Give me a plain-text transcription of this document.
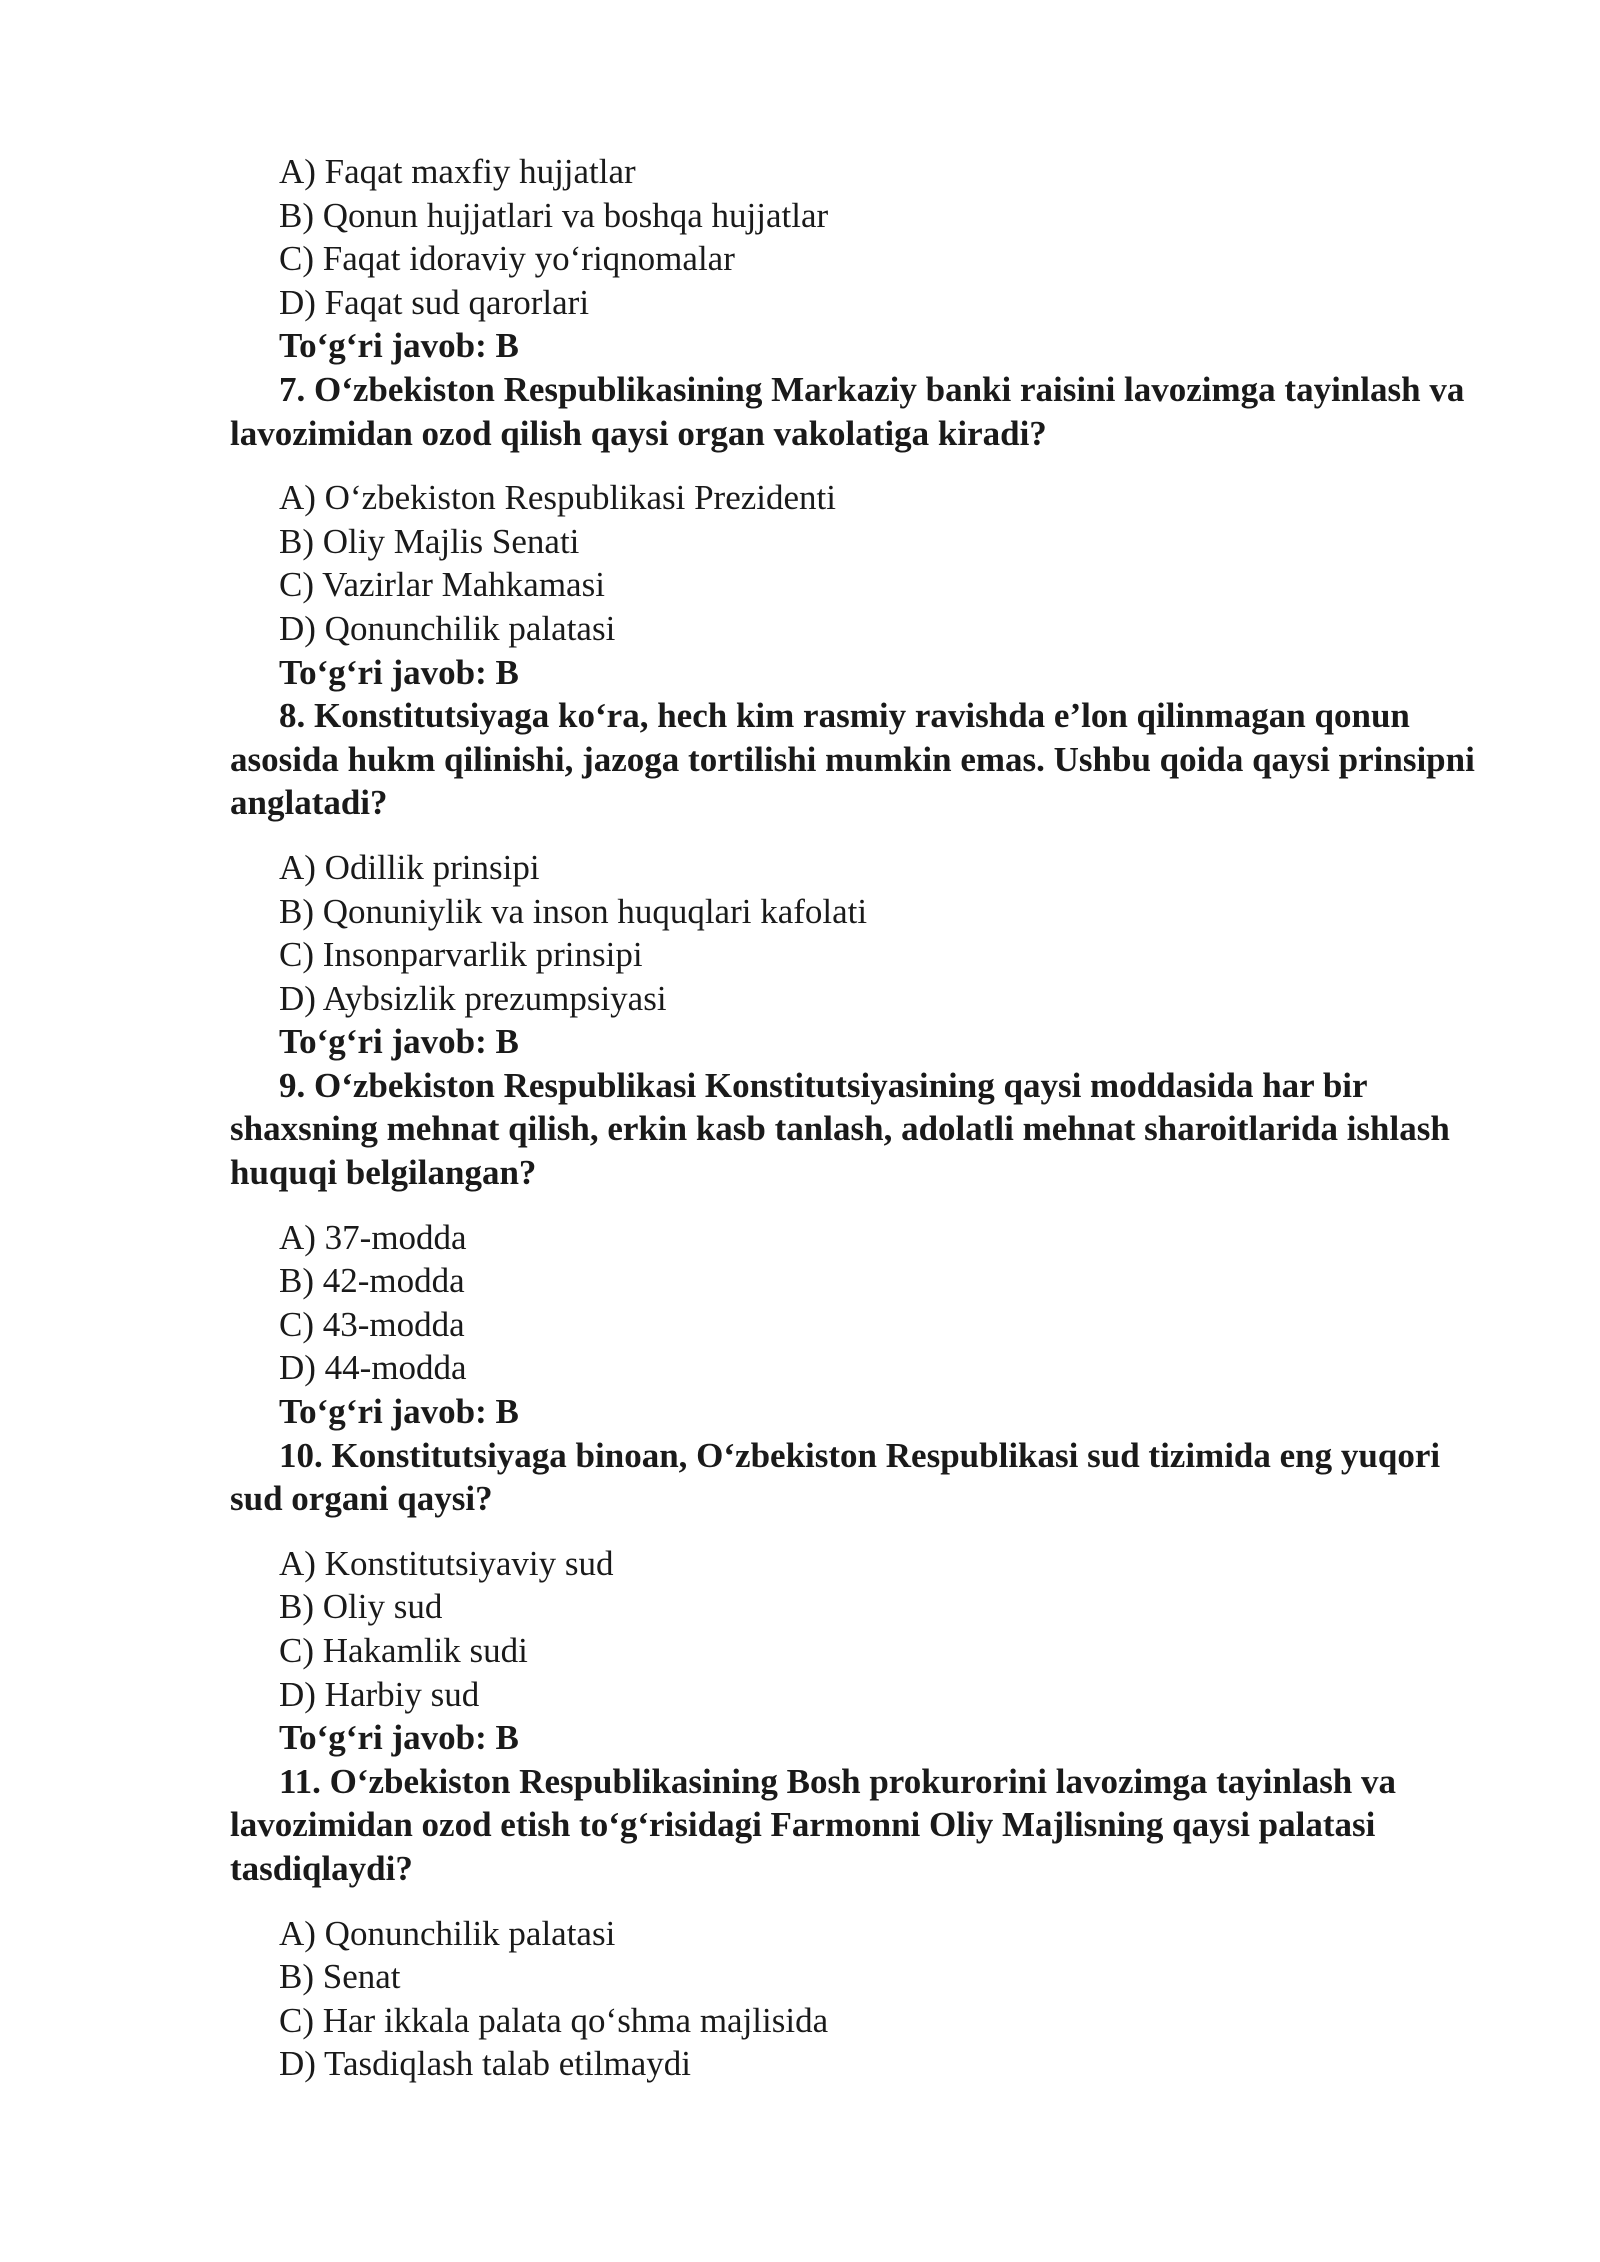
A) Faqat maxfiy hujjatlar
B) Qonun hujjatlari va boshqa hujjatlar
C) Faqat idoraviy yo‘riqnomalar
D) Faqat sud qarorlari
To‘g‘ri javob: B
7. O‘zbekiston Respublikasining Markaziy banki raisini lavozimga tayinlash va lavozimidan ozod qilish qaysi organ vakolatiga kiradi?
A) O‘zbekiston Respublikasi Prezidenti
B) Oliy Majlis Senati
C) Vazirlar Mahkamasi
D) Qonunchilik palatasi
To‘g‘ri javob: B
8. Konstitutsiyaga ko‘ra, hech kim rasmiy ravishda e’lon qilinmagan qonun asosida hukm qilinishi, jazoga tortilishi mumkin emas. Ushbu qoida qaysi prinsipni anglatadi?
A) Odillik prinsipi
B) Qonuniylik va inson huquqlari kafolati
C) Insonparvarlik prinsipi
D) Aybsizlik prezumpsiyasi
To‘g‘ri javob: B
9. O‘zbekiston Respublikasi Konstitutsiyasining qaysi moddasida har bir shaxsning mehnat qilish, erkin kasb tanlash, adolatli mehnat sharoitlarida ishlash huquqi belgilangan?
A) 37-modda
B) 42-modda
C) 43-modda
D) 44-modda
To‘g‘ri javob: B
10. Konstitutsiyaga binoan, O‘zbekiston Respublikasi sud tizimida eng yuqori sud organi qaysi?
A) Konstitutsiyaviy sud
B) Oliy sud
C) Hakamlik sudi
D) Harbiy sud
To‘g‘ri javob: B
11. O‘zbekiston Respublikasining Bosh prokurorini lavozimga tayinlash va lavozimidan ozod etish to‘g‘risidagi Farmonni Oliy Majlisning qaysi palatasi tasdiqlaydi?
A) Qonunchilik palatasi
B) Senat
C) Har ikkala palata qo‘shma majlisida
D) Tasdiqlash talab etilmaydi
